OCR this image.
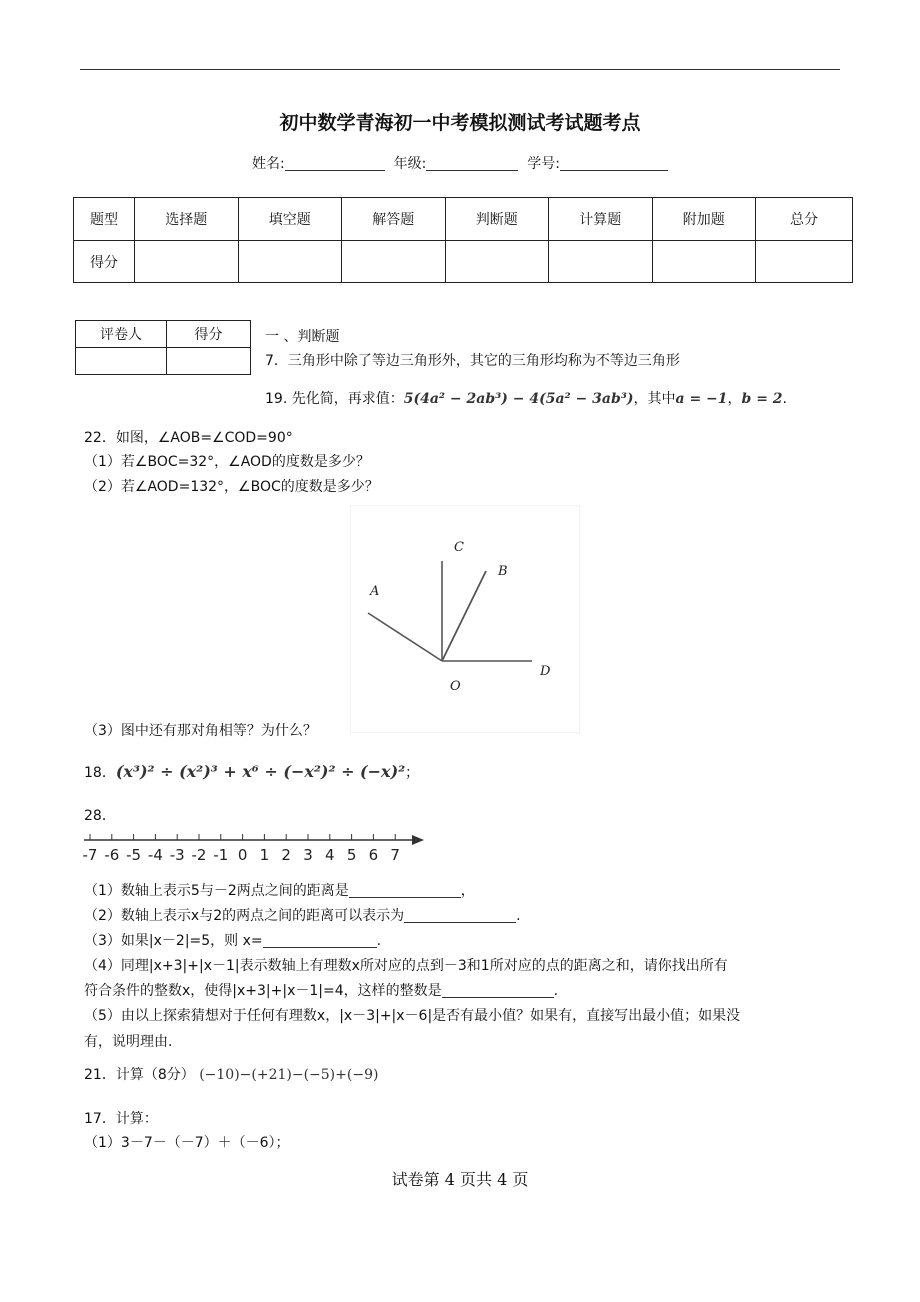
初中数学青海初一中考模拟测试考试题考点
姓名:	年级:	学号:
题型	选择题	填空题	解答题	判断题	计算题	附加题	总分
得分							
评卷人	得分
		一 、判断题
7．三角形中除了等边三角形外，其它的三角形均称为不等边三角形
19. 先化简，再求值：5(4a² − 2ab³) − 4(5a² − 3ab³)，其中a = −1，b = 2.
22．如图，∠AOB=∠COD=90°
（1）若∠BOC=32°，∠AOD的度数是多少？
（2）若∠AOD=132°，∠BOC的度数是多少？
C
B
A
D
O
（3）图中还有那对角相等？为什么？
18．(x³)² ÷ (x²)³ + x⁶ ÷ (−x²)² ÷ (−x)²；
28．
-7 -6 -5 -4 -3 -2 -1 0 1 2 3 4 5 6 7
（1）数轴上表示5与－2两点之间的距离是	，
（2）数轴上表示x与2的两点之间的距离可以表示为	.
（3）如果|x－2|=5，则 x=	.
（4）同理|x+3|+|x－1|表示数轴上有理数x所对应的点到－3和1所对应的点的距离之和，请你找出所有
符合条件的整数x，使得|x+3|+|x－1|=4，这样的整数是	.
（5）由以上探索猜想对于任何有理数x，|x－3|+|x－6|是否有最小值？如果有，直接写出最小值；如果没
有，说明理由.
21．计算（8分） (−10)−(+21)−(−5)+(−9)
17．计算：
（1）3－7－（－7）＋（－6）；
试卷第 4 页共 4 页
